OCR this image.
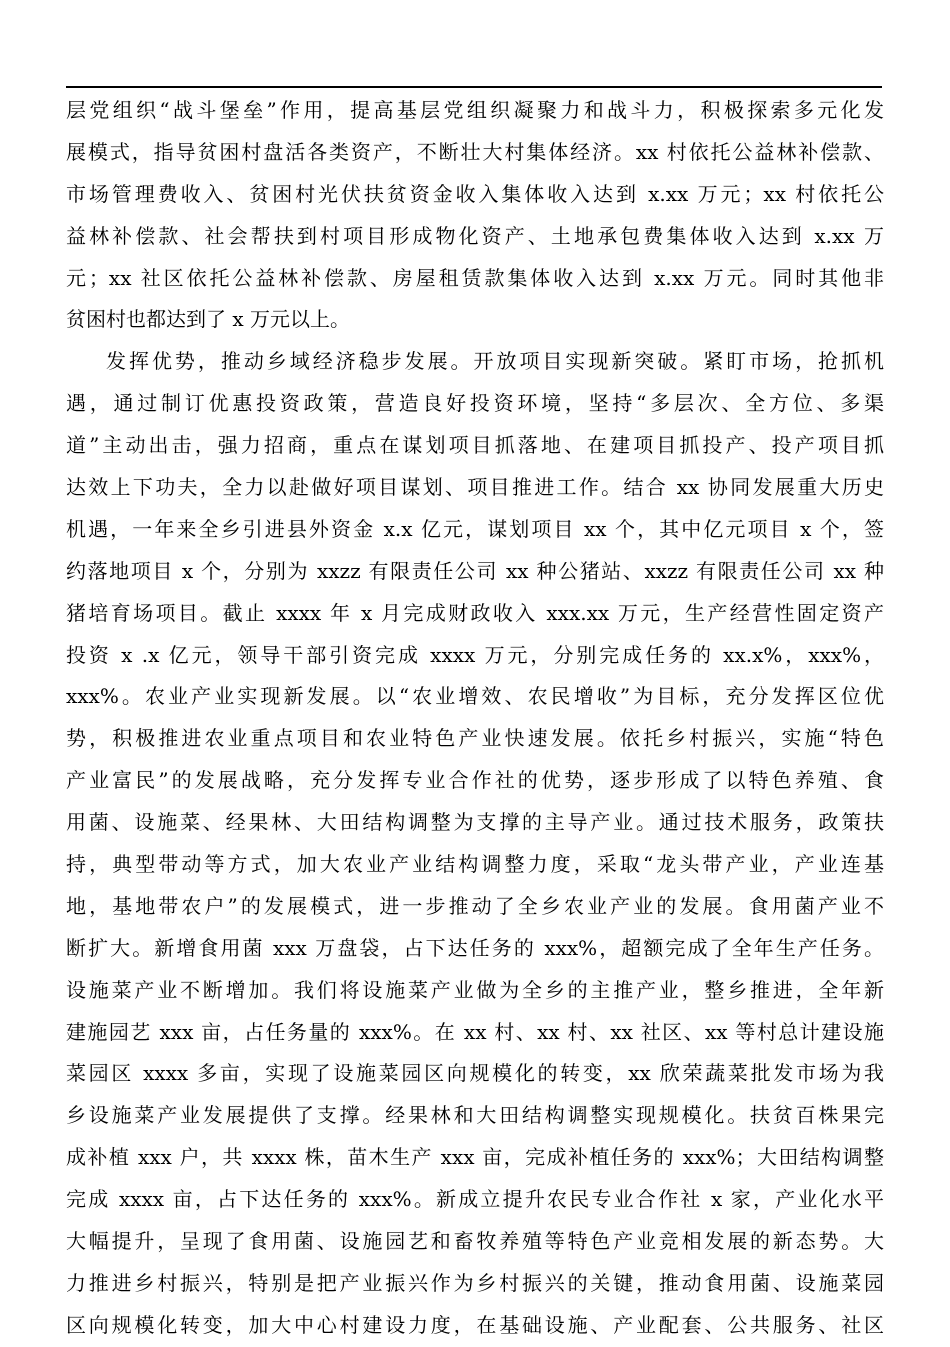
层党组织“战斗堡垒”作用，提高基层党组织凝聚力和战斗力，积极探索多元化发
展模式，指导贫困村盘活各类资产，不断壮大村集体经济。xx 村依托公益林补偿款、
市场管理费收入、贫困村光伏扶贫资金收入集体收入达到 x.xx 万元；xx 村依托公
益林补偿款、社会帮扶到村项目形成物化资产、土地承包费集体收入达到 x.xx 万
元；xx 社区依托公益林补偿款、房屋租赁款集体收入达到 x.xx 万元。同时其他非
贫困村也都达到了 x 万元以上。
发挥优势，推动乡域经济稳步发展。开放项目实现新突破。紧盯市场，抢抓机
遇，通过制订优惠投资政策，营造良好投资环境，坚持“多层次、全方位、多渠
道”主动出击，强力招商，重点在谋划项目抓落地、在建项目抓投产、投产项目抓
达效上下功夫，全力以赴做好项目谋划、项目推进工作。结合 xx 协同发展重大历史
机遇，一年来全乡引进县外资金 x.x 亿元，谋划项目 xx 个，其中亿元项目 x 个，签
约落地项目 x 个，分别为 xxzz 有限责任公司 xx 种公猪站、xxzz 有限责任公司 xx 种
猪培育场项目。截止 xxxx 年 x 月完成财政收入 xxx.xx 万元，生产经营性固定资产
投资 x .x 亿元，领导干部引资完成 xxxx 万元，分别完成任务的 xx.x%，xxx%，
xxx%。农业产业实现新发展。以“农业增效、农民增收”为目标，充分发挥区位优
势，积极推进农业重点项目和农业特色产业快速发展。依托乡村振兴，实施“特色
产业富民”的发展战略，充分发挥专业合作社的优势，逐步形成了以特色养殖、食
用菌、设施菜、经果林、大田结构调整为支撑的主导产业。通过技术服务，政策扶
持，典型带动等方式，加大农业产业结构调整力度，采取“龙头带产业，产业连基
地，基地带农户”的发展模式，进一步推动了全乡农业产业的发展。食用菌产业不
断扩大。新增食用菌 xxx 万盘袋，占下达任务的 xxx%，超额完成了全年生产任务。
设施菜产业不断增加。我们将设施菜产业做为全乡的主推产业，整乡推进，全年新
建施园艺 xxx 亩，占任务量的 xxx%。在 xx 村、xx 村、xx 社区、xx 等村总计建设施
菜园区 xxxx 多亩，实现了设施菜园区向规模化的转变，xx 欣荣蔬菜批发市场为我
乡设施菜产业发展提供了支撑。经果林和大田结构调整实现规模化。扶贫百株果完
成补植 xxx 户，共 xxxx 株，苗木生产 xxx 亩，完成补植任务的 xxx%；大田结构调整
完成 xxxx 亩，占下达任务的 xxx%。新成立提升农民专业合作社 x 家，产业化水平
大幅提升，呈现了食用菌、设施园艺和畜牧养殖等特色产业竞相发展的新态势。大
力推进乡村振兴，特别是把产业振兴作为乡村振兴的关键，推动食用菌、设施菜园
区向规模化转变，加大中心村建设力度，在基础设施、产业配套、公共服务、社区
